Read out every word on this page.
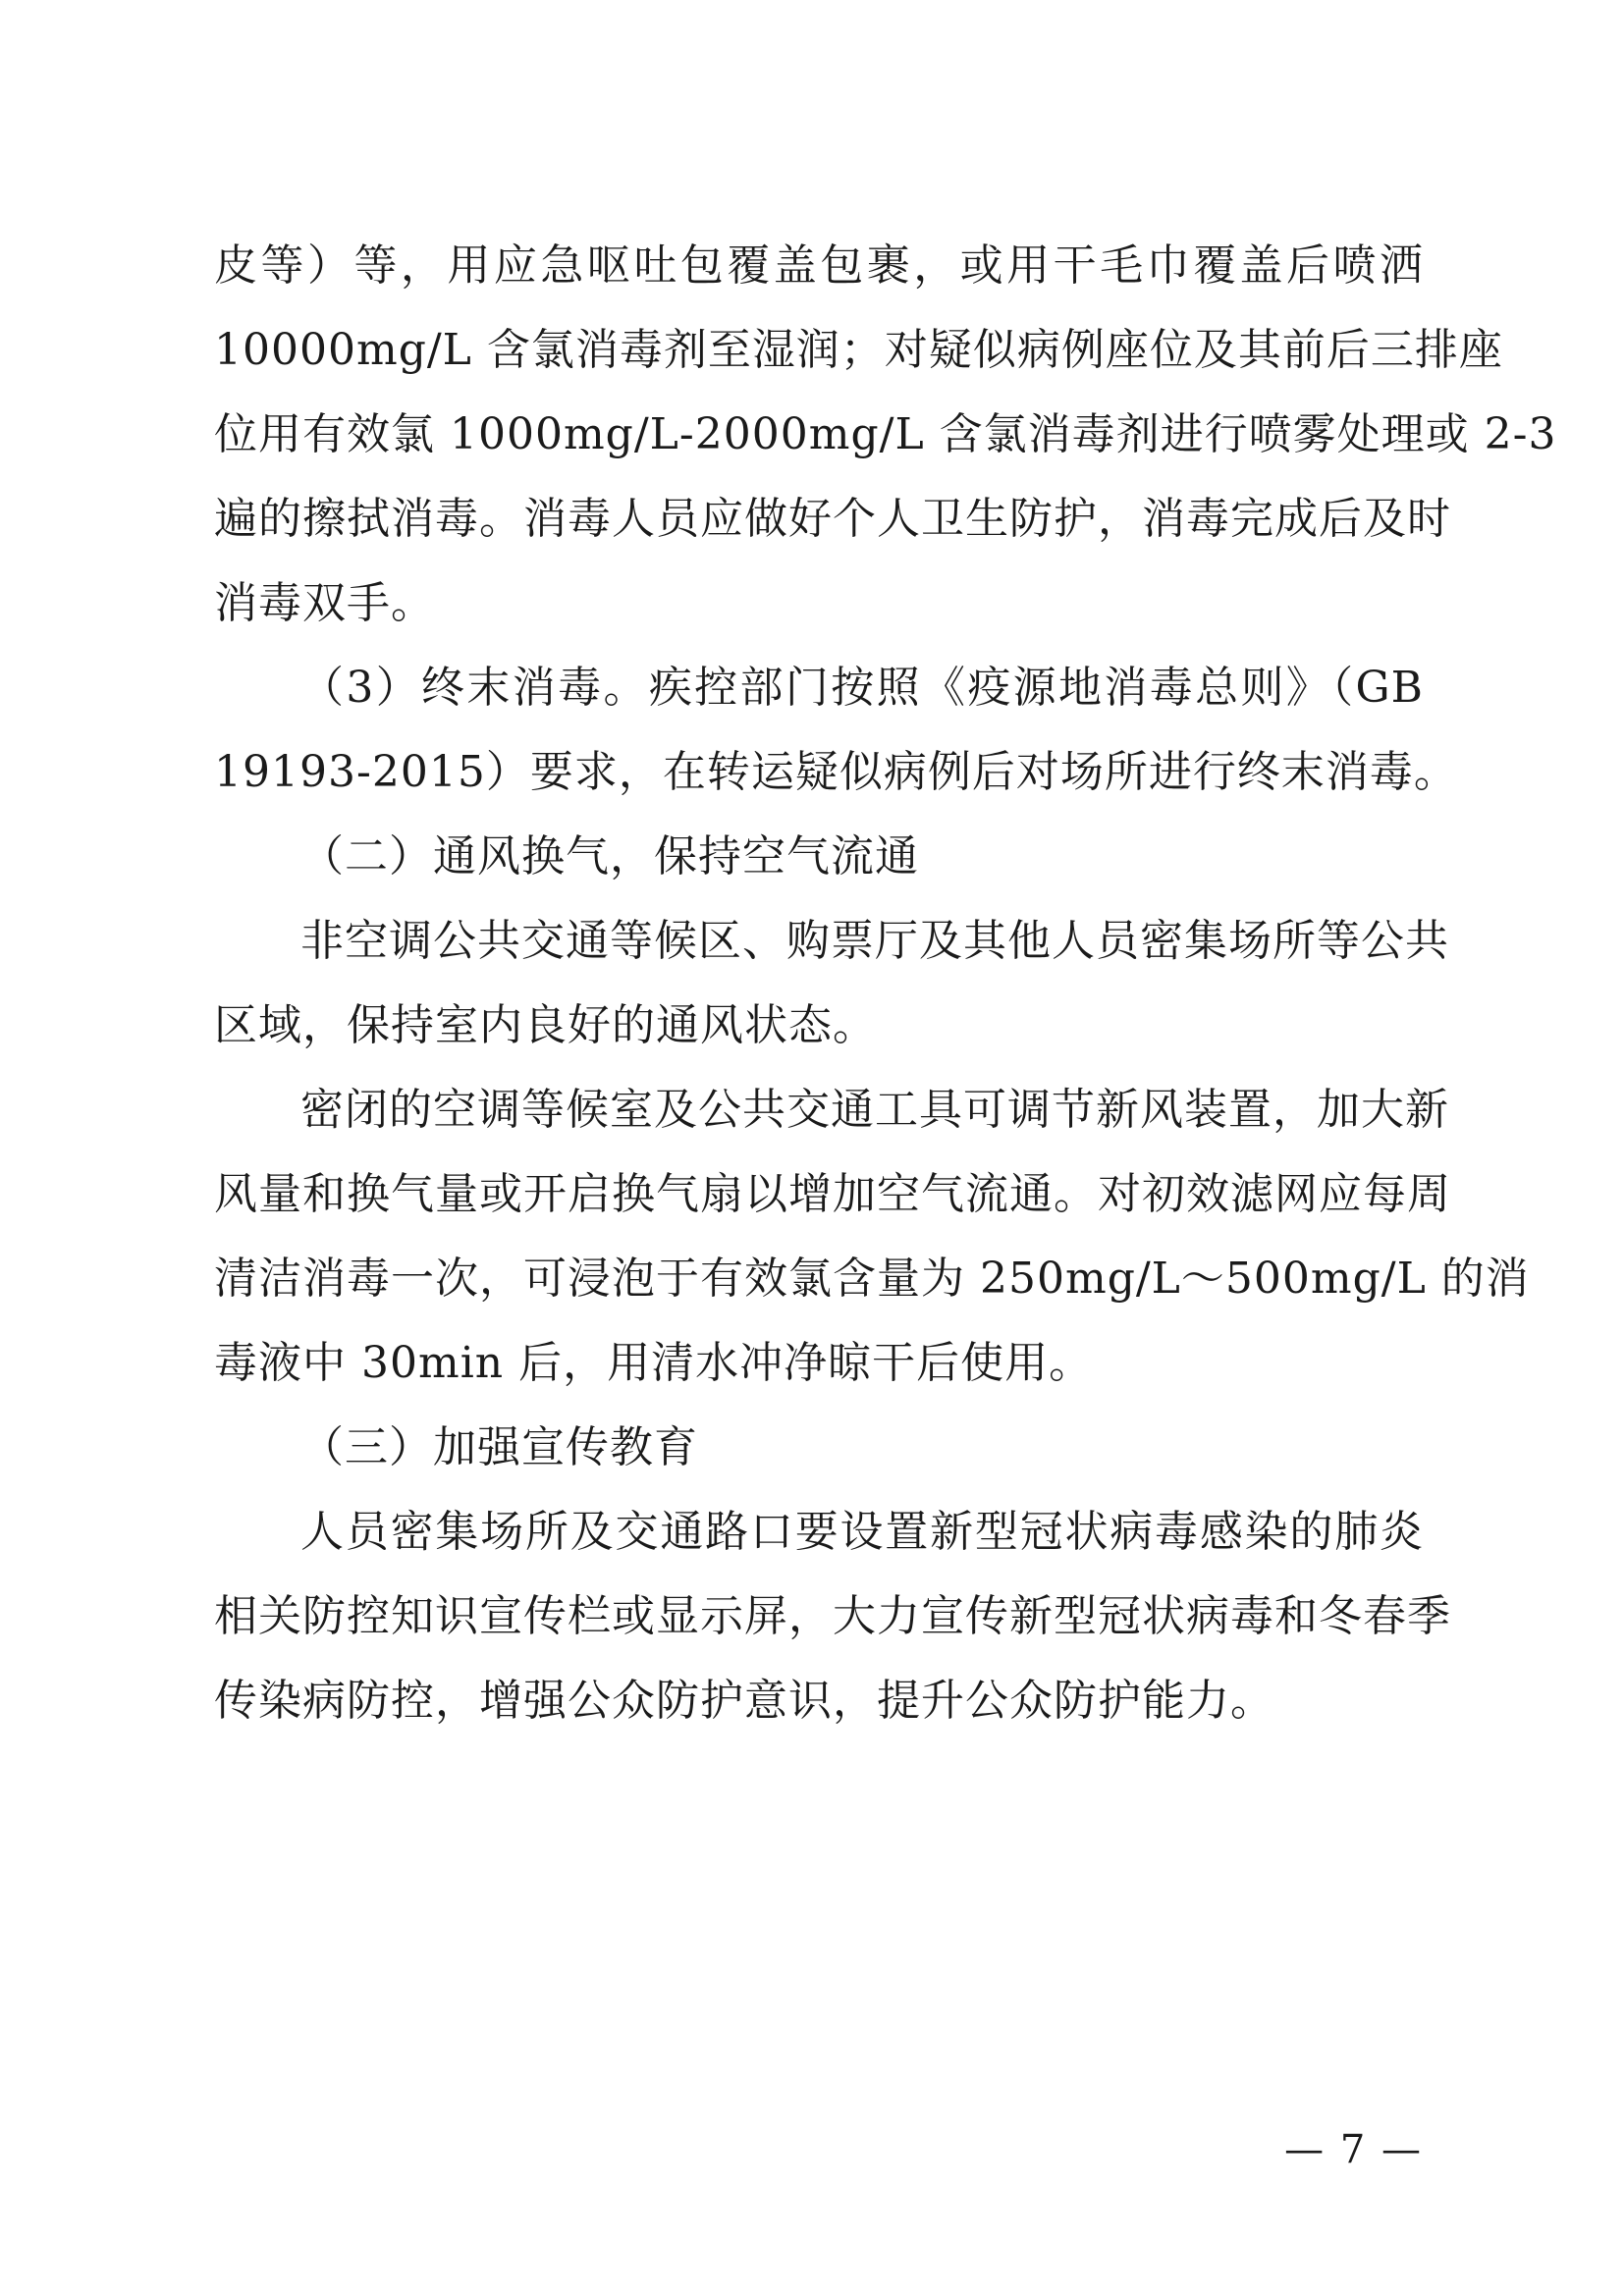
皮等）等，用应急呕吐包覆盖包裹，或用干毛巾覆盖后喷洒
10000mg/L 含氯消毒剂至湿润；对疑似病例座位及其前后三排座
位用有效氯 1000mg/L-2000mg/L 含氯消毒剂进行喷雾处理或 2-3
遍的擦拭消毒。消毒人员应做好个人卫生防护，消毒完成后及时
消毒双手。
（3）终末消毒。疾控部门按照《疫源地消毒总则》（GB
19193-2015）要求，在转运疑似病例后对场所进行终末消毒。
（二）通风换气，保持空气流通
非空调公共交通等候区、购票厅及其他人员密集场所等公共
区域，保持室内良好的通风状态。
密闭的空调等候室及公共交通工具可调节新风装置，加大新
风量和换气量或开启换气扇以增加空气流通。对初效滤网应每周
清洁消毒一次，可浸泡于有效氯含量为 250mg/L～500mg/L 的消
毒液中 30min 后，用清水冲净晾干后使用。
（三）加强宣传教育
人员密集场所及交通路口要设置新型冠状病毒感染的肺炎
相关防控知识宣传栏或显示屏，大力宣传新型冠状病毒和冬春季
传染病防控，增强公众防护意识，提升公众防护能力。
— 7 —
